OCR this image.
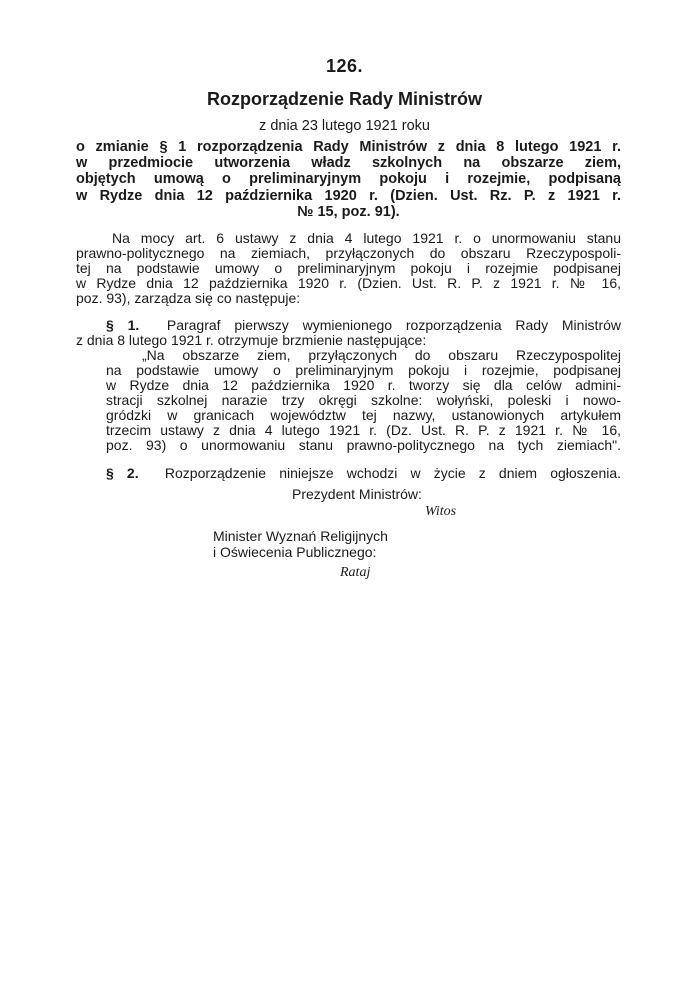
126.
Rozporządzenie Rady Ministrów
z dnia 23 lutego 1921 roku
o zmianie § 1 rozporządzenia Rady Ministrów z dnia 8 lutego 1921 r.
w przedmiocie utworzenia władz szkolnych na obszarze ziem,
objętych umową o preliminaryjnym pokoju i rozejmie, podpisaną
w Rydze dnia 12 października 1920 r. (Dzien. Ust. Rz. P. z 1921 r.
№ 15, poz. 91).
Na mocy art. 6 ustawy z dnia 4 lutego 1921 r. o unormowaniu stanu
prawno-politycznego na ziemiach, przyłączonych do obszaru Rzeczypospoli-
tej na podstawie umowy o preliminaryjnym pokoju i rozejmie podpisanej
w Rydze dnia 12 października 1920 r. (Dzien. Ust. R. P. z 1921 r. № 16,
poz. 93), zarządza się co następuje:
§ 1. Paragraf pierwszy wymienionego rozporządzenia Rady Ministrów
z dnia 8 lutego 1921 r. otrzymuje brzmienie następujące:
„Na obszarze ziem, przyłączonych do obszaru Rzeczypospolitej
na podstawie umowy o preliminaryjnym pokoju i rozejmie, podpisanej
w Rydze dnia 12 października 1920 r. tworzy się dla celów admini-
stracji szkolnej narazie trzy okręgi szkolne: wołyński, poleski i nowo-
gródzki w granicach województw tej nazwy, ustanowionych artykułem
trzecim ustawy z dnia 4 lutego 1921 r. (Dz. Ust. R. P. z 1921 r. № 16,
poz. 93) o unormowaniu stanu prawno-politycznego na tych ziemiach".
§ 2. Rozporządzenie niniejsze wchodzi w życie z dniem ogłoszenia.
Prezydent Ministrów:
Witos
Minister Wyznań Religijnych
i Oświecenia Publicznego:
Rataj
